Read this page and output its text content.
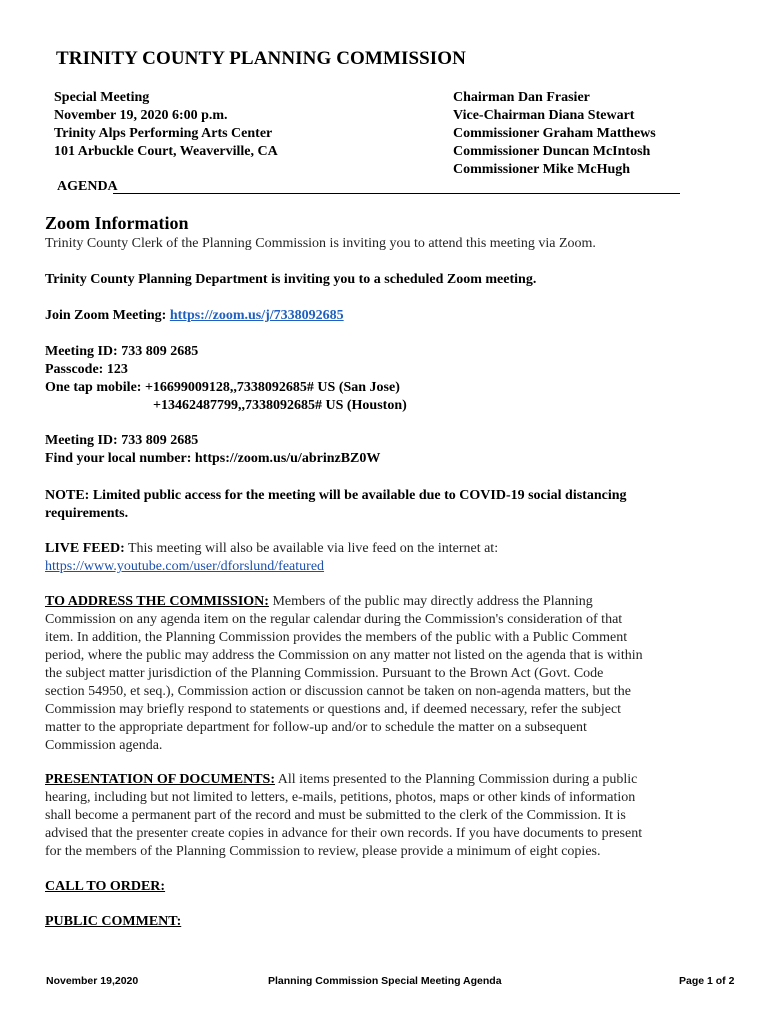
TRINITY COUNTY PLANNING COMMISSION
Special Meeting
November 19, 2020 6:00 p.m.
Trinity Alps Performing Arts Center
101 Arbuckle Court, Weaverville, CA
Chairman Dan Frasier
Vice-Chairman Diana Stewart
Commissioner Graham Matthews
Commissioner Duncan McIntosh
Commissioner Mike McHugh
AGENDA
Zoom Information
Trinity County Clerk of the Planning Commission is inviting you to attend this meeting via Zoom.
Trinity County Planning Department is inviting you to a scheduled Zoom meeting.
Join Zoom Meeting: https://zoom.us/j/7338092685
Meeting ID: 733 809 2685
Passcode: 123
One tap mobile: +16699009128,,7338092685# US (San Jose)
+13462487799,,7338092685# US (Houston)
Meeting ID: 733 809 2685
Find your local number: https://zoom.us/u/abrinzBZ0W
NOTE: Limited public access for the meeting will be available due to COVID-19 social distancing
requirements.
LIVE FEED: This meeting will also be available via live feed on the internet at:
https://www.youtube.com/user/dforslund/featured
TO ADDRESS THE COMMISSION: Members of the public may directly address the Planning
Commission on any agenda item on the regular calendar during the Commission's consideration of that
item. In addition, the Planning Commission provides the members of the public with a Public Comment
period, where the public may address the Commission on any matter not listed on the agenda that is within
the subject matter jurisdiction of the Planning Commission. Pursuant to the Brown Act (Govt. Code
section 54950, et seq.), Commission action or discussion cannot be taken on non-agenda matters, but the
Commission may briefly respond to statements or questions and, if deemed necessary, refer the subject
matter to the appropriate department for follow-up and/or to schedule the matter on a subsequent
Commission agenda.
PRESENTATION OF DOCUMENTS: All items presented to the Planning Commission during a public
hearing, including but not limited to letters, e-mails, petitions, photos, maps or other kinds of information
shall become a permanent part of the record and must be submitted to the clerk of the Commission. It is
advised that the presenter create copies in advance for their own records. If you have documents to present
for the members of the Planning Commission to review, please provide a minimum of eight copies.
CALL TO ORDER:
PUBLIC COMMENT:
November 19,2020	Planning Commission Special Meeting Agenda	Page 1 of 2
